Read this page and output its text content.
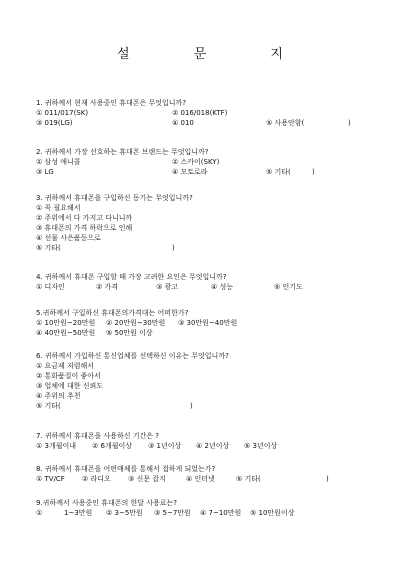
설 문 지
1. 귀하께서 현재 사용중인 휴대폰은 무엇입니까?
① 011/017(SK)	② 016/018(KTF)
③ 019(LG)	④ 010	⑤ 사용안함(	)
2. 귀하께서 가장 선호하는 휴대폰 브랜드는 무엇입니까?
① 삼성 애니콜	② 스카이(SKY)
③ LG	④ 모토로라	⑤ 기타(	)
3. 귀하께서 휴대폰을 구입하신 동기는 무엇입니까?
① 꼭 필요해서
② 주위에서 다 가지고 다니니까
③ 휴대폰의 가격 하락으로 인해
④ 선물 사은품등으로
⑤ 기타(	)
4. 귀하께서 휴대폰 구입할 때 가장 고려한 요인은 무엇입니까?
① 디자인	② 가격	③ 광고	④ 성능	⑤ 인기도
5.귀하께서 구입하신 휴대폰의가격대는 어떠한가?
① 10만원~20만원 ② 20만원~30만원 ③ 30만원~40만원
④ 40만원~50만원 ⑤ 50만원 이상
6. 귀하께서 가입하신 통신업체를 선택하신 이유는 무엇입니까?
① 요금제 저렴해서
② 통화품질이 좋아서
③ 업체에 대한 신뢰도
④ 주위의 추천
⑤ 기타(	)
7. 귀하께서 휴대폰을 사용하신 기간은 ?
① 3개월이내 ② 6개월이상 ③ 1년이상 ④ 2년이상 ⑤ 3년이상
8. 귀하께서 휴대폰을 어떤매체를 통해서 접하게 되었는가?
① TV/CF ② 라디오 ③ 신문 잡지	④ 인터넷	⑤ 기타(	)
9.귀하께서 사용중인 휴대폰의 한달 사용료는?
①	1~3만원 ② 3~5만원 ③ 5~7만원 ④ 7~10만원 ⑤ 10만원이상
